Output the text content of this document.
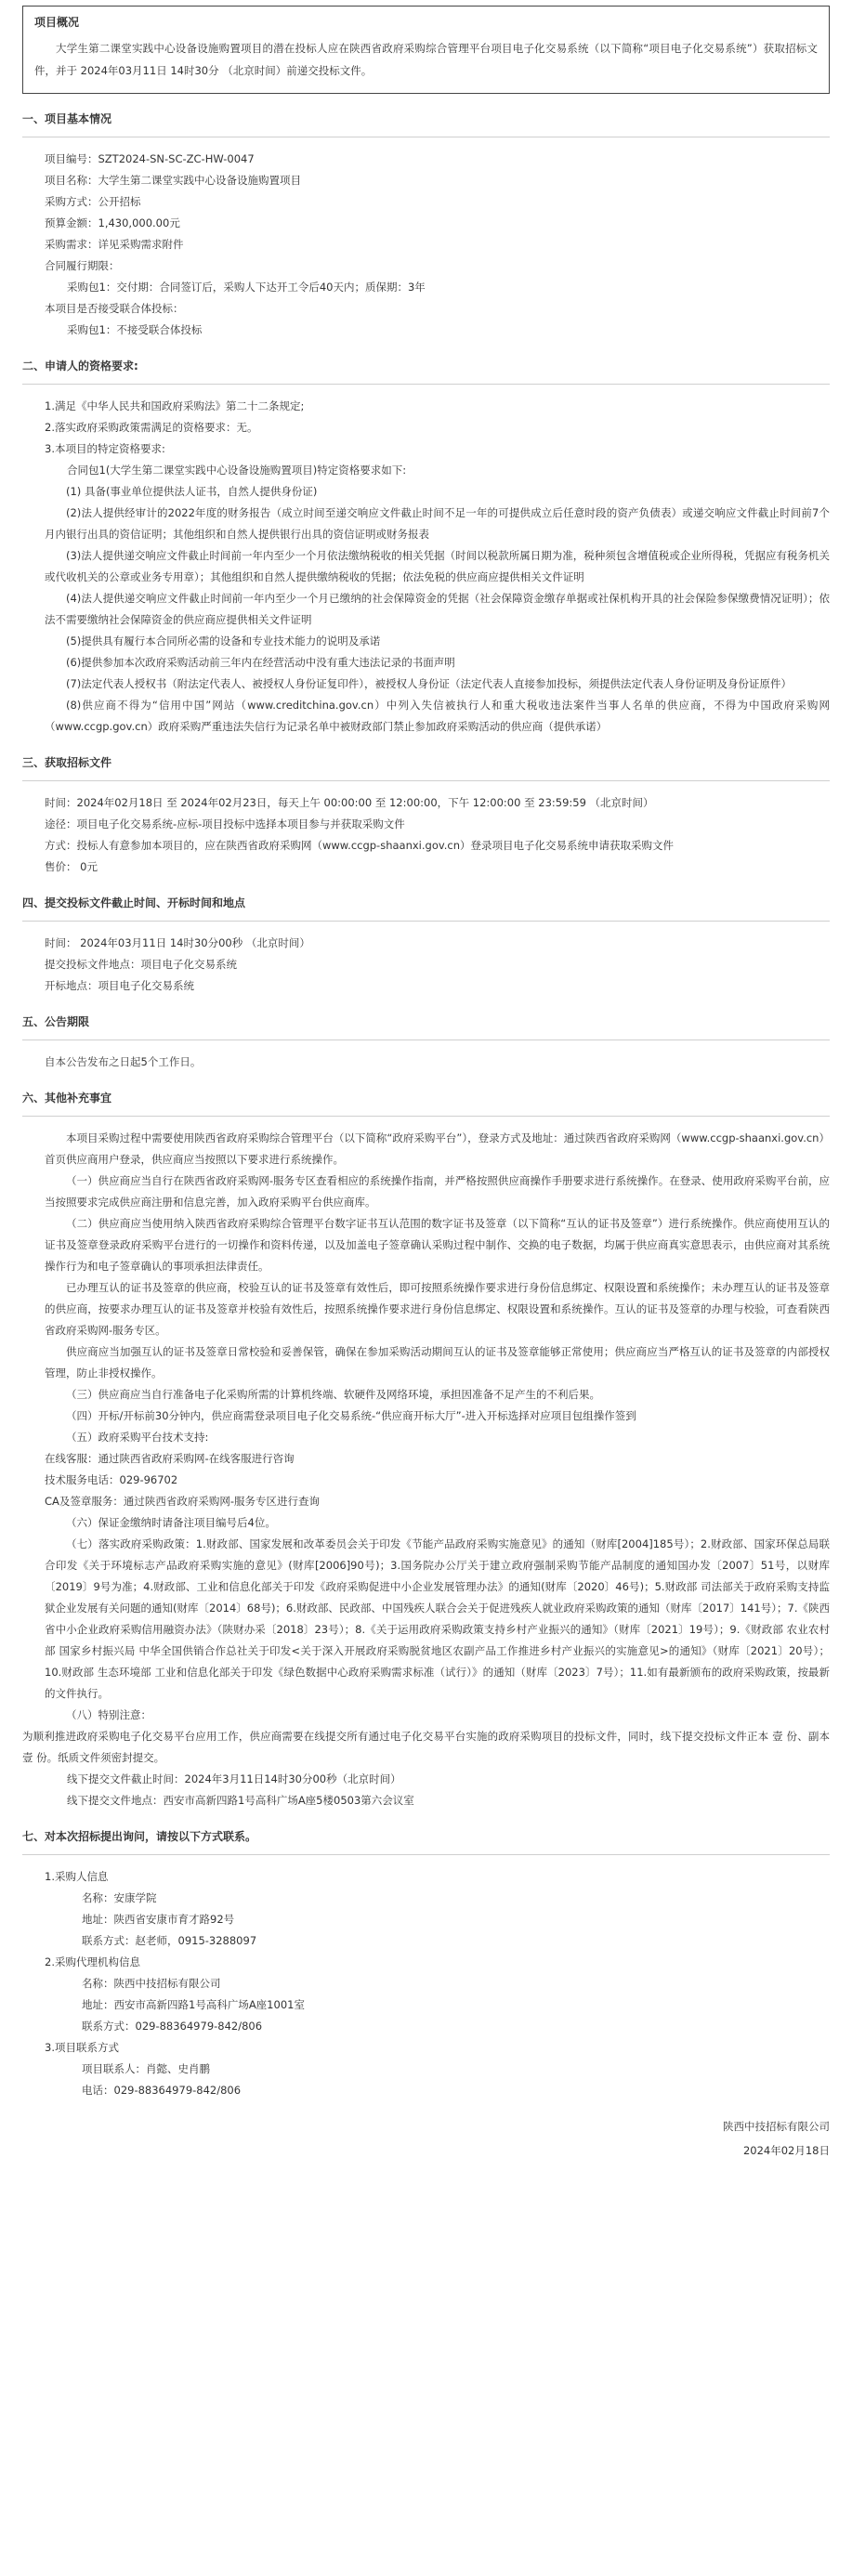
项目概况
大学生第二课堂实践中心设备设施购置项目的潜在投标人应在陕西省政府采购综合管理平台项目电子化交易系统（以下简称“项目电子化交易系统”）获取招标文件，并于 2024年03月11日 14时30分 （北京时间）前递交投标文件。
一、项目基本情况
项目编号：SZT2024-SN-SC-ZC-HW-0047
项目名称：大学生第二课堂实践中心设备设施购置项目
采购方式：公开招标
预算金额：1,430,000.00元
采购需求：详见采购需求附件
合同履行期限：
采购包1：交付期：合同签订后，采购人下达开工令后40天内；质保期：3年
本项目是否接受联合体投标：
采购包1：不接受联合体投标
二、申请人的资格要求:
1.满足《中华人民共和国政府采购法》第二十二条规定;
2.落实政府采购政策需满足的资格要求：无。
3.本项目的特定资格要求:
合同包1(大学生第二课堂实践中心设备设施购置项目)特定资格要求如下:
(1) 具备(事业单位提供法人证书，自然人提供身份证)
(2)法人提供经审计的2022年度的财务报告（成立时间至递交响应文件截止时间不足一年的可提供成立后任意时段的资产负债表）或递交响应文件截止时间前7个月内银行出具的资信证明；其他组织和自然人提供银行出具的资信证明或财务报表
(3)法人提供递交响应文件截止时间前一年内至少一个月依法缴纳税收的相关凭据（时间以税款所属日期为准，税种须包含增值税或企业所得税，凭据应有税务机关或代收机关的公章或业务专用章）；其他组织和自然人提供缴纳税收的凭据；依法免税的供应商应提供相关文件证明
(4)法人提供递交响应文件截止时间前一年内至少一个月已缴纳的社会保障资金的凭据（社会保障资金缴存单据或社保机构开具的社会保险参保缴费情况证明）；依法不需要缴纳社会保障资金的供应商应提供相关文件证明
(5)提供具有履行本合同所必需的设备和专业技术能力的说明及承诺
(6)提供参加本次政府采购活动前三年内在经营活动中没有重大违法记录的书面声明
(7)法定代表人授权书（附法定代表人、被授权人身份证复印件），被授权人身份证（法定代表人直接参加投标，须提供法定代表人身份证明及身份证原件）
(8)供应商不得为“信用中国”网站（www.creditchina.gov.cn）中列入失信被执行人和重大税收违法案件当事人名单的供应商，不得为中国政府采购网（www.ccgp.gov.cn）政府采购严重违法失信行为记录名单中被财政部门禁止参加政府采购活动的供应商（提供承诺）
三、获取招标文件
时间：2024年02月18日 至 2024年02月23日，每天上午 00:00:00 至 12:00:00，下午 12:00:00 至 23:59:59 （北京时间）
途径：项目电子化交易系统-应标-项目投标中选择本项目参与并获取采购文件
方式：投标人有意参加本项目的，应在陕西省政府采购网（www.ccgp-shaanxi.gov.cn）登录项目电子化交易系统申请获取采购文件
售价： 0元
四、提交投标文件截止时间、开标时间和地点
时间： 2024年03月11日 14时30分00秒 （北京时间）
提交投标文件地点：项目电子化交易系统
开标地点：项目电子化交易系统
五、公告期限
自本公告发布之日起5个工作日。
六、其他补充事宜
本项目采购过程中需要使用陕西省政府采购综合管理平台（以下简称“政府采购平台”），登录方式及地址：通过陕西省政府采购网（www.ccgp-shaanxi.gov.cn）首页供应商用户登录，供应商应当按照以下要求进行系统操作。
（一）供应商应当自行在陕西省政府采购网-服务专区查看相应的系统操作指南，并严格按照供应商操作手册要求进行系统操作。在登录、使用政府采购平台前，应当按照要求完成供应商注册和信息完善，加入政府采购平台供应商库。
（二）供应商应当使用纳入陕西省政府采购综合管理平台数字证书互认范围的数字证书及签章（以下简称“互认的证书及签章”）进行系统操作。供应商使用互认的证书及签章登录政府采购平台进行的一切操作和资料传递，以及加盖电子签章确认采购过程中制作、交换的电子数据，均属于供应商真实意思表示，由供应商对其系统操作行为和电子签章确认的事项承担法律责任。
已办理互认的证书及签章的供应商，校验互认的证书及签章有效性后，即可按照系统操作要求进行身份信息绑定、权限设置和系统操作；未办理互认的证书及签章的供应商，按要求办理互认的证书及签章并校验有效性后，按照系统操作要求进行身份信息绑定、权限设置和系统操作。互认的证书及签章的办理与校验，可查看陕西省政府采购网-服务专区。
供应商应当加强互认的证书及签章日常校验和妥善保管，确保在参加采购活动期间互认的证书及签章能够正常使用；供应商应当严格互认的证书及签章的内部授权管理，防止非授权操作。
（三）供应商应当自行准备电子化采购所需的计算机终端、软硬件及网络环境，承担因准备不足产生的不利后果。
（四）开标/开标前30分钟内，供应商需登录项目电子化交易系统-“供应商开标大厅”-进入开标选择对应项目包组操作签到
（五）政府采购平台技术支持:
在线客服：通过陕西省政府采购网-在线客服进行咨询
技术服务电话：029-96702
CA及签章服务：通过陕西省政府采购网-服务专区进行查询
（六）保证金缴纳时请备注项目编号后4位。
（七）落实政府采购政策：1.财政部、国家发展和改革委员会关于印发《节能产品政府采购实施意见》的通知（财库[2004]185号）；2.财政部、国家环保总局联合印发《关于环境标志产品政府采购实施的意见》(财库[2006]90号)；3.国务院办公厅关于建立政府强制采购节能产品制度的通知国办发〔2007〕51号，以财库〔2019〕9号为准；4.财政部、工业和信息化部关于印发《政府采购促进中小企业发展管理办法》的通知(财库〔2020〕46号)；5.财政部 司法部关于政府采购支持监狱企业发展有关问题的通知(财库〔2014〕68号)；6.财政部、民政部、中国残疾人联合会关于促进残疾人就业政府采购政策的通知（财库〔2017〕141号）；7.《陕西省中小企业政府采购信用融资办法》（陕财办采〔2018〕23号）；8.《关于运用政府采购政策支持乡村产业振兴的通知》（财库〔2021〕19号）；9.《财政部 农业农村部 国家乡村振兴局 中华全国供销合作总社关于印发<关于深入开展政府采购脱贫地区农副产品工作推进乡村产业振兴的实施意见>的通知》（财库〔2021〕20号）；10.财政部 生态环境部 工业和信息化部关于印发《绿色数据中心政府采购需求标准（试行）》的通知（财库〔2023〕7号）；11.如有最新颁布的政府采购政策，按最新的文件执行。
（八）特别注意：
为顺利推进政府采购电子化交易平台应用工作，供应商需要在线提交所有通过电子化交易平台实施的政府采购项目的投标文件，同时，线下提交投标文件正本 壹 份、副本 壹 份。纸质文件须密封提交。
线下提交文件截止时间：2024年3月11日14时30分00秒（北京时间）
线下提交文件地点：西安市高新四路1号高科广场A座5楼0503第六会议室
七、对本次招标提出询问，请按以下方式联系。
1.采购人信息
名称：安康学院
地址：陕西省安康市育才路92号
联系方式：赵老师，0915-3288097
2.采购代理机构信息
名称：陕西中技招标有限公司
地址：西安市高新四路1号高科广场A座1001室
联系方式：029-88364979-842/806
3.项目联系方式
项目联系人：肖懿、史肖鹏
电话：029-88364979-842/806
陕西中技招标有限公司
2024年02月18日
